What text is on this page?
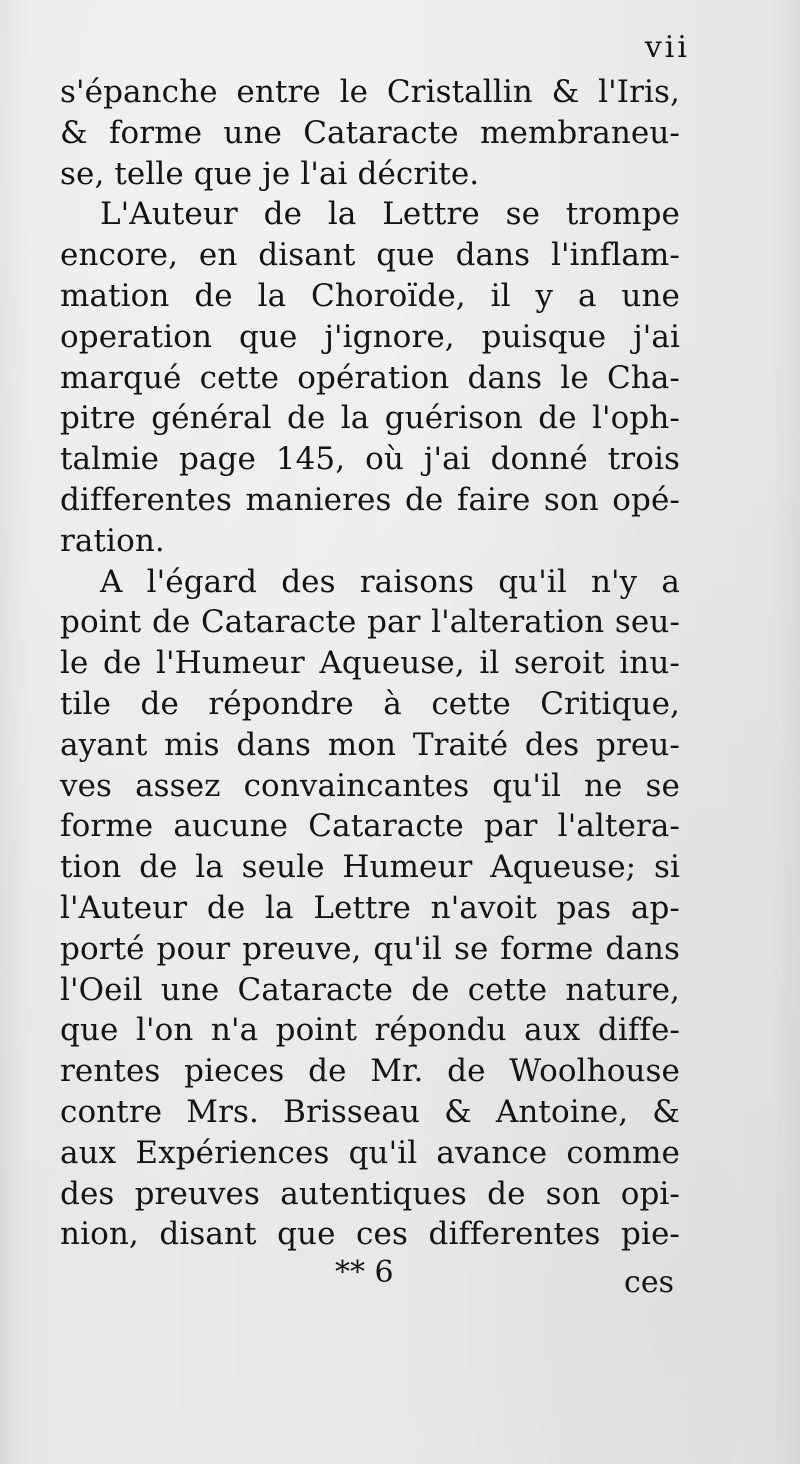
vii
s'épanche entre le Cristallin & l'Iris,
& forme une Cataracte membraneu-
se, telle que je l'ai décrite.
L'Auteur de la Lettre se trompe
encore, en disant que dans l'inflam-
mation de la Choroïde, il y a une
operation que j'ignore, puisque j'ai
marqué cette opération dans le Cha-
pitre général de la guérison de l'oph-
talmie page 145, où j'ai donné trois
differentes manieres de faire son opé-
ration.
A l'égard des raisons qu'il n'y a
point de Cataracte par l'alteration seu-
le de l'Humeur Aqueuse, il seroit inu-
tile de répondre à cette Critique,
ayant mis dans mon Traité des preu-
ves assez convaincantes qu'il ne se
forme aucune Cataracte par l'altera-
tion de la seule Humeur Aqueuse; si
l'Auteur de la Lettre n'avoit pas ap-
porté pour preuve, qu'il se forme dans
l'Oeil une Cataracte de cette nature,
que l'on n'a point répondu aux diffe-
rentes pieces de Mr. de Woolhouse
contre Mrs. Brisseau & Antoine, &
aux Expériences qu'il avance comme
des preuves autentiques de son opi-
nion, disant que ces differentes pie-
** 6	ces
